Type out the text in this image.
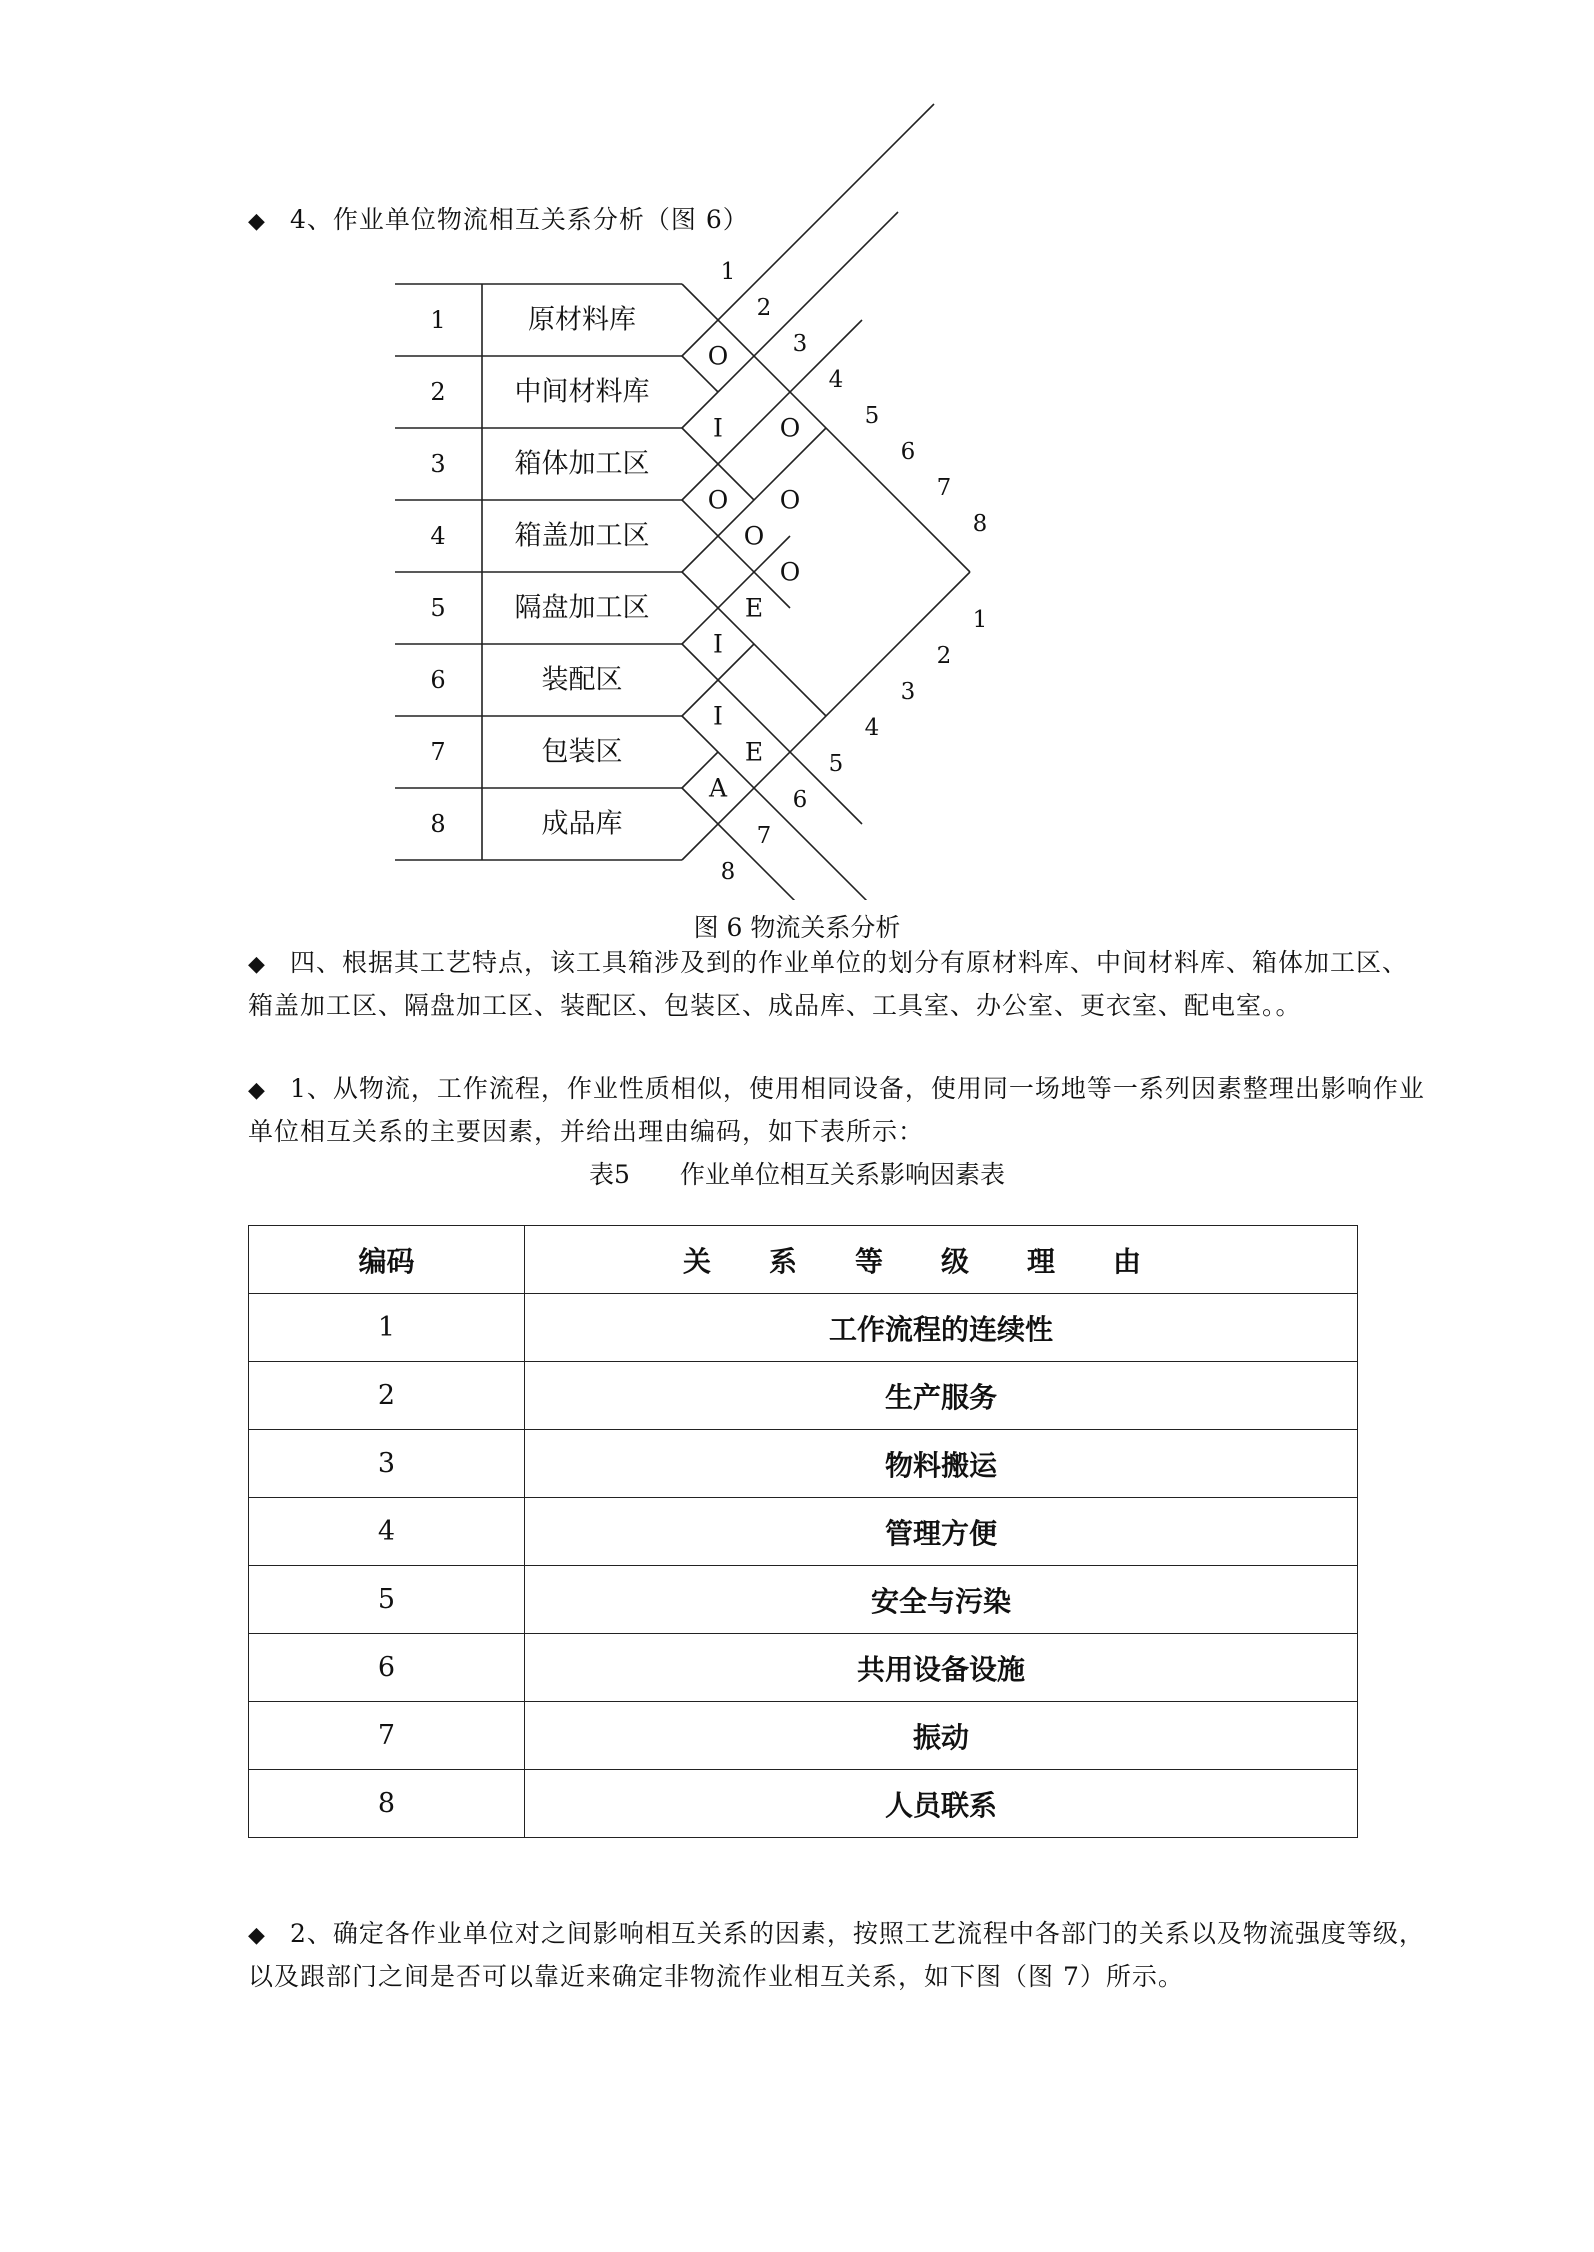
◆ 4、作业单位物流相互关系分析（图 6）
1	原材料库
2	中间材料库
3	箱体加工区
4	箱盖加工区
5	隔盘加工区
6	装配区
7	包装区
8	成品库
1
2
3
4
5
6
7
8
1
2
3
4
5
6
7
8
O
I O
O O
O
O
E
I
I
E
A
图 6 物流关系分析
◆ 四、根据其工艺特点，该工具箱涉及到的作业单位的划分有原材料库、中间材料库、箱体加工区、箱盖加工区、隔盘加工区、装配区、包装区、成品库、工具室、办公室、更衣室、配电室。。
◆ 1、从物流，工作流程，作业性质相似，使用相同设备，使用同一场地等一系列因素整理出影响作业单位相互关系的主要因素，并给出理由编码，如下表所示：
表5　　作业单位相互关系影响因素表
编码	关系等级理由
1	工作流程的连续性
2	生产服务
3	物料搬运
4	管理方便
5	安全与污染
6	共用设备设施
7	振动
8	人员联系
◆ 2、确定各作业单位对之间影响相互关系的因素，按照工艺流程中各部门的关系以及物流强度等级，以及跟部门之间是否可以靠近来确定非物流作业相互关系，如下图（图 7）所示。
